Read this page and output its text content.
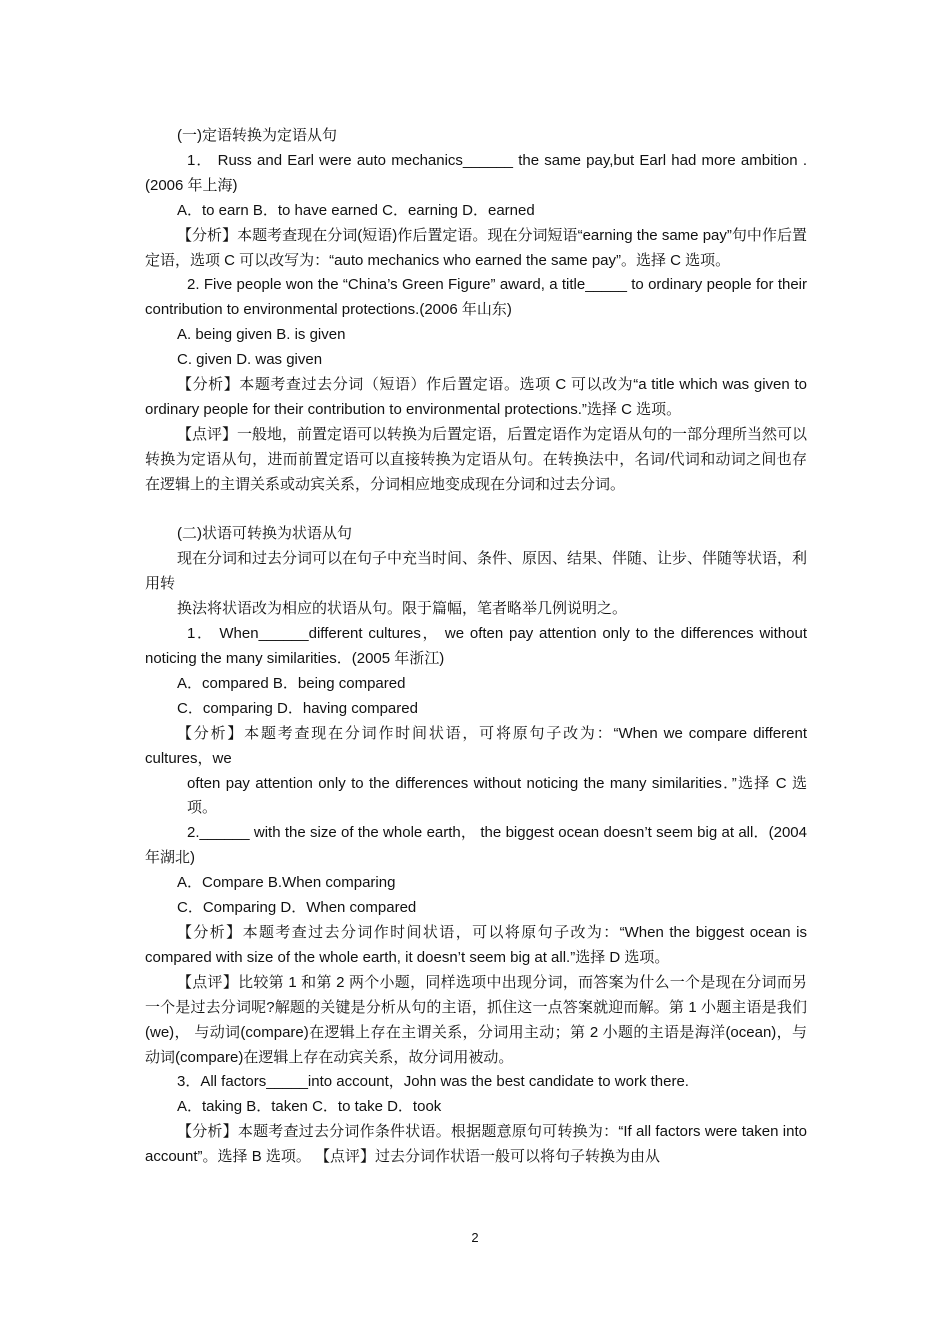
(一)定语转换为定语从句

1． Russ and Earl were auto mechanics______ the same pay,but Earl had more ambition . (2006 年上海)

A．to earn B．to have earned C．earning D．earned

【分析】本题考查现在分词(短语)作后置定语。现在分词短语“earning the same pay”句中作后置定语，选项 C 可以改写为：“auto mechanics who earned the same pay”。选择 C 选项。

2. Five people won the “China’s Green Figure” award, a title_____ to ordinary people for their contribution to environmental protections.(2006 年山东)

A. being given B. is given

C. given D. was given

【分析】本题考查过去分词（短语）作后置定语。选项 C 可以改为“a title which was given to ordinary people for their contribution to environmental protections.”选择 C 选项。

【点评】一般地，前置定语可以转换为后置定语，后置定语作为定语从句的一部分理所当然可以转换为定语从句，进而前置定语可以直接转换为定语从句。在转换法中，名词/代词和动词之间也存在逻辑上的主谓关系或动宾关系，分词相应地变成现在分词和过去分词。

(二)状语可转换为状语从句

现在分词和过去分词可以在句子中充当时间、条件、原因、结果、伴随、让步、伴随等状语，利用转

换法将状语改为相应的状语从句。限于篇幅，笔者略举几例说明之。

1． When______different cultures， we often pay attention only to the differences without noticing the many similarities．(2005 年浙江)

A．compared B．being compared

C．comparing D．having compared

【分析】本题考查现在分词作时间状语，可将原句子改为：“When we compare different cultures，we

often pay attention only to the differences without noticing the many similarities．”选择 C 选项。

2.______ with the size of the whole earth， the biggest ocean doesn’t seem big at all．(2004 年湖北)

A．Compare B.When comparing

C．Comparing D．When compared

【分析】本题考查过去分词作时间状语，可以将原句子改为：“When the biggest ocean is compared with size of the whole earth, it doesn’t seem big at all.”选择 D 选项。

【点评】比较第 1 和第 2 两个小题，同样选项中出现分词，而答案为什么一个是现在分词而另一个是过去分词呢?解题的关键是分析从句的主语，抓住这一点答案就迎而解。第 1 小题主语是我们(we)， 与动词(compare)在逻辑上存在主谓关系，分词用主动；第 2 小题的主语是海洋(ocean)，与动词(compare)在逻辑上存在动宾关系，故分词用被动。

3．All factors_____into account，John was the best candidate to work there.

A．taking B．taken C．to take D．took

【分析】本题考查过去分词作条件状语。根据题意原句可转换为：“If all factors were taken into account”。选择 B 选项。 【点评】过去分词作状语一般可以将句子转换为由从

2
